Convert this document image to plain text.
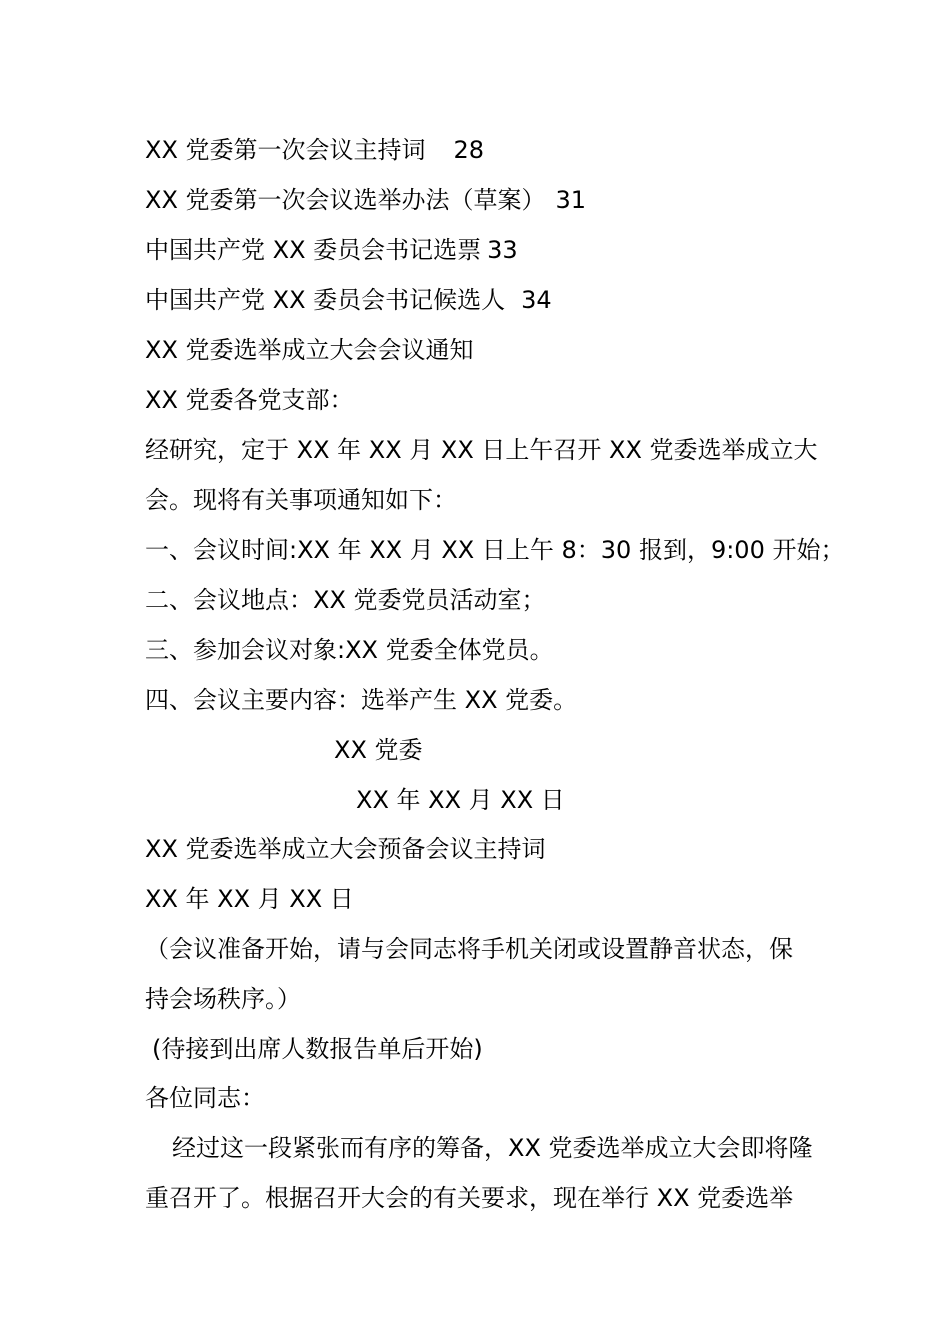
XX 党委第一次会议主持词 28
XX 党委第一次会议选举办法（草案） 31
中国共产党 XX 委员会书记选票 33
中国共产党 XX 委员会书记候选人 34
XX 党委选举成立大会会议通知
XX 党委各党支部：
经研究，定于 XX 年 XX 月 XX 日上午召开 XX 党委选举成立大
会。现将有关事项通知如下：
一、会议时间:XX 年 XX 月 XX 日上午 8：30 报到，9:00 开始；
二、会议地点：XX 党委党员活动室；
三、参加会议对象:XX 党委全体党员。
四、会议主要内容：选举产生 XX 党委。
XX 党委
XX 年 XX 月 XX 日
XX 党委选举成立大会预备会议主持词
XX 年 XX 月 XX 日
（会议准备开始，请与会同志将手机关闭或设置静音状态，保
持会场秩序。）
(待接到出席人数报告单后开始)
各位同志：
经过这一段紧张而有序的筹备，XX 党委选举成立大会即将隆
重召开了。根据召开大会的有关要求，现在举行 XX 党委选举
